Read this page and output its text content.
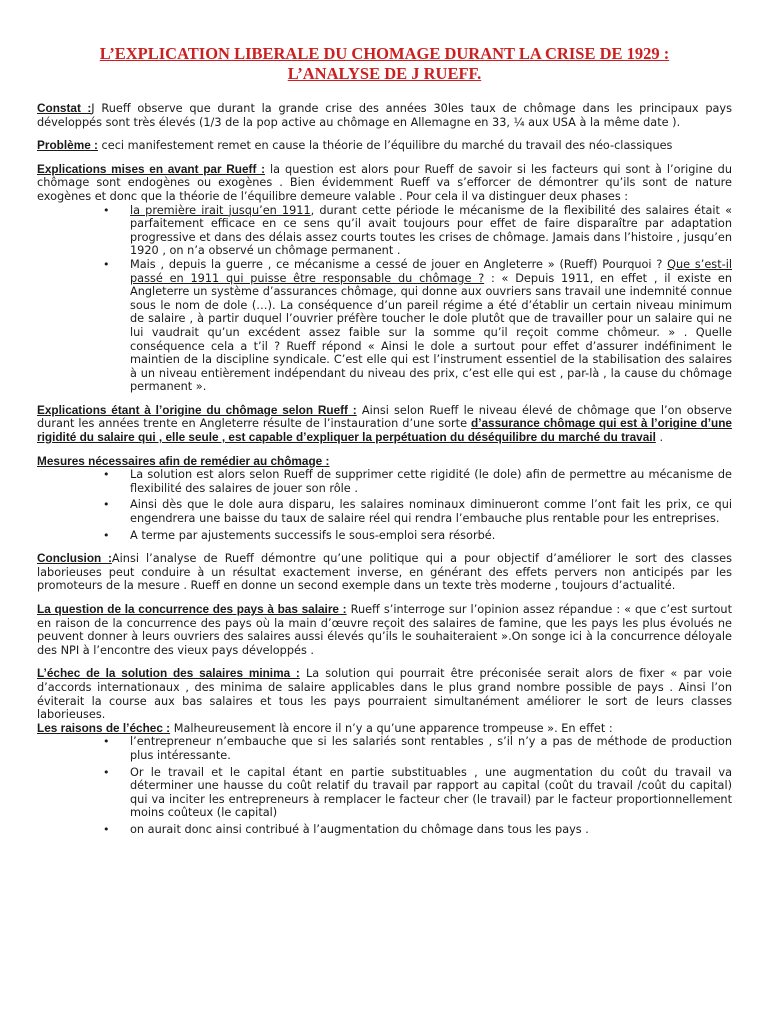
L’EXPLICATION LIBERALE DU CHOMAGE DURANT LA CRISE DE 1929 :
L’ANALYSE DE J RUEFF.

Constat :J Rueff observe que durant la grande crise des années 30les taux de chômage dans les principaux pays développés sont très élevés (1/3 de la pop active au chômage en Allemagne en 33, ¼ aux USA à la même date ).

Problème : ceci manifestement remet en cause la théorie de l’équilibre du marché du travail des néo-classiques

Explications mises en avant par Rueff : la question est alors pour Rueff de savoir si les facteurs qui sont à l’origine du chômage sont endogènes ou exogènes . Bien évidemment Rueff va s’efforcer de démontrer qu’ils sont de nature exogènes et donc que la théorie de l’équilibre demeure valable . Pour cela il va distinguer deux phases :

• la première irait jusqu’en 1911, durant cette période le mécanisme de la flexibilité des salaires était « parfaitement efficace en ce sens qu’il avait toujours pour effet de faire disparaître par adaptation progressive et dans des délais assez courts toutes les crises de chômage. Jamais dans l’histoire , jusqu’en 1920 , on n’a observé un chômage permanent .
• Mais , depuis la guerre , ce mécanisme a cessé de jouer en Angleterre » (Rueff) Pourquoi ? Que s’est-il passé en 1911 qui puisse être responsable du chômage ? : « Depuis 1911, en effet , il existe en Angleterre un système d’assurances chômage, qui donne aux ouvriers sans travail une indemnité connue sous le nom de dole (…). La conséquence d’un pareil régime a été d’établir un certain niveau minimum de salaire , à partir duquel l’ouvrier préfère toucher le dole plutôt que de travailler pour un salaire qui ne lui vaudrait qu’un excédent assez faible sur la somme qu’il reçoit comme chômeur. » . Quelle conséquence cela a t’il ? Rueff répond « Ainsi le dole a surtout pour effet d’assurer indéfiniment le maintien de la discipline syndicale. C’est elle qui est l’instrument essentiel de la stabilisation des salaires à un niveau entièrement indépendant du niveau des prix, c’est elle qui est , par-là , la cause du chômage permanent ».

Explications étant à l’origine du chômage selon Rueff : Ainsi selon Rueff le niveau élevé de chômage que l’on observe durant les années trente en Angleterre résulte de l’instauration d’une sorte d’assurance chômage qui est à l’origine d’une rigidité du salaire qui , elle seule , est capable d’expliquer la perpétuation du déséquilibre du marché du travail .

Mesures nécessaires afin de remédier au chômage :

• La solution est alors selon Rueff de supprimer cette rigidité (le dole) afin de permettre au mécanisme de flexibilité des salaires de jouer son rôle .
• Ainsi dès que le dole aura disparu, les salaires nominaux diminueront comme l’ont fait les prix, ce qui engendrera une baisse du taux de salaire réel qui rendra l’embauche plus rentable pour les entreprises.
• A terme par ajustements successifs le sous-emploi sera résorbé.

Conclusion :Ainsi l’analyse de Rueff démontre qu’une politique qui a pour objectif d’améliorer le sort des classes laborieuses peut conduire à un résultat exactement inverse, en générant des effets pervers non anticipés par les promoteurs de la mesure . Rueff en donne un second exemple dans un texte très moderne , toujours d’actualité.

La question de la concurrence des pays à bas salaire : Rueff s’interroge sur l’opinion assez répandue : « que c’est surtout en raison de la concurrence des pays où la main d’œuvre reçoit des salaires de famine, que les pays les plus évolués ne peuvent donner à leurs ouvriers des salaires aussi élevés qu’ils le souhaiteraient ».On songe ici à la concurrence déloyale des NPI à l’encontre des vieux pays développés .

L’échec de la solution des salaires minima : La solution qui pourrait être préconisée serait alors de fixer « par voie d’accords internationaux , des minima de salaire applicables dans le plus grand nombre possible de pays . Ainsi l’on éviterait la course aux bas salaires et tous les pays pourraient simultanément améliorer le sort de leurs classes laborieuses.

Les raisons de l’échec : Malheureusement là encore il n’y a qu’une apparence trompeuse ». En effet :

• l’entrepreneur n’embauche que si les salariés sont rentables , s’il n’y a pas de méthode de production plus intéressante.
• Or le travail et le capital étant en partie substituables , une augmentation du coût du travail va déterminer une hausse du coût relatif du travail par rapport au capital (coût du travail /coût du capital) qui va inciter les entrepreneurs à remplacer le facteur cher (le travail) par le facteur proportionnellement moins coûteux (le capital)
• on aurait donc ainsi contribué à l’augmentation du chômage dans tous les pays .
